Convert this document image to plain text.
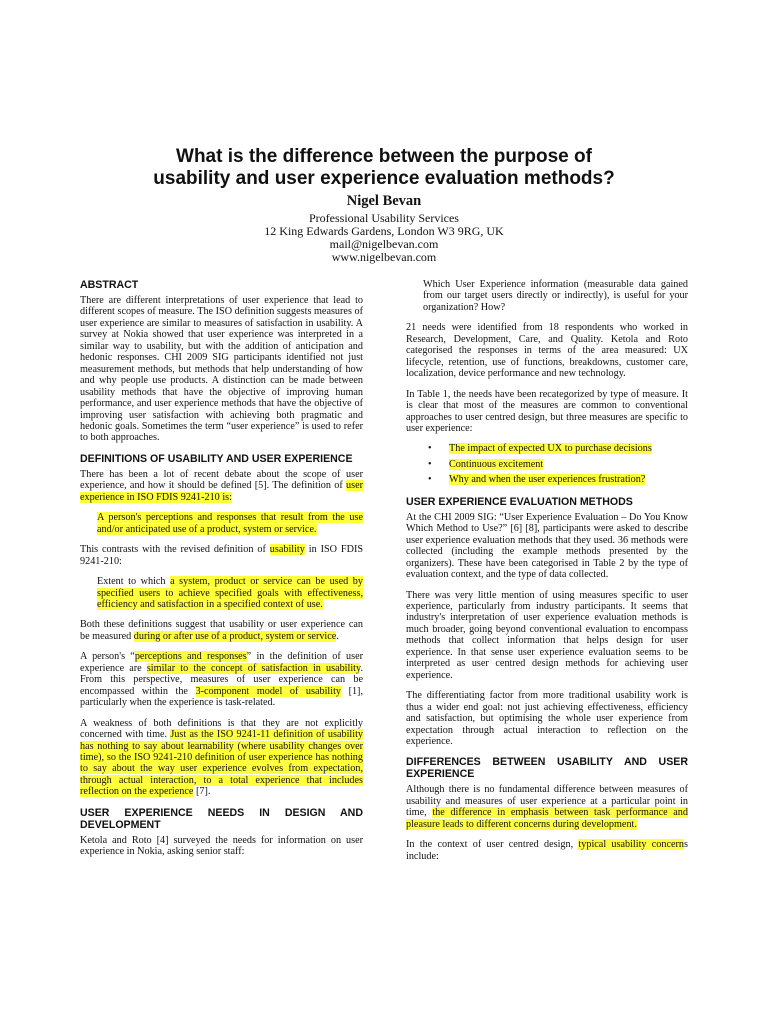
What is the difference between the purpose of
usability and user experience evaluation methods?
Nigel Bevan
Professional Usability Services
12 King Edwards Gardens, London W3 9RG, UK
mail@nigelbevan.com
www.nigelbevan.com
ABSTRACT

There are different interpretations of user experience that lead to different scopes of measure. The ISO definition suggests measures of user experience are similar to measures of satisfaction in usability. A survey at Nokia showed that user experience was interpreted in a similar way to usability, but with the addition of anticipation and hedonic responses. CHI 2009 SIG participants identified not just measurement methods, but methods that help understanding of how and why people use products. A distinction can be made between usability methods that have the objective of improving human performance, and user experience methods that have the objective of improving user satisfaction with achieving both pragmatic and hedonic goals. Sometimes the term “user experience” is used to refer to both approaches.

DEFINITIONS OF USABILITY AND USER EXPERIENCE

There has been a lot of recent debate about the scope of user experience, and how it should be defined [5]. The definition of user experience in ISO FDIS 9241-210 is:

A person's perceptions and responses that result from the use and/or anticipated use of a product, system or service.

This contrasts with the revised definition of usability in ISO FDIS 9241-210:

Extent to which a system, product or service can be used by specified users to achieve specified goals with effectiveness, efficiency and satisfaction in a specified context of use.

Both these definitions suggest that usability or user experience can be measured during or after use of a product, system or service.

A person's “perceptions and responses” in the definition of user experience are similar to the concept of satisfaction in usability. From this perspective, measures of user experience can be encompassed within the 3-component model of usability [1], particularly when the experience is task-related.

A weakness of both definitions is that they are not explicitly concerned with time. Just as the ISO 9241-11 definition of usability has nothing to say about learnability (where usability changes over time), so the ISO 9241-210 definition of user experience has nothing to say about the way user experience evolves from expectation, through actual interaction, to a total experience that includes reflection on the experience [7].

USER EXPERIENCE NEEDS IN DESIGN AND DEVELOPMENT

Ketola and Roto [4] surveyed the needs for information on user experience in Nokia, asking senior staff:

Which User Experience information (measurable data gained from our target users directly or indirectly), is useful for your organization? How?

21 needs were identified from 18 respondents who worked in Research, Development, Care, and Quality. Ketola and Roto categorised the responses in terms of the area measured: UX lifecycle, retention, use of functions, breakdowns, customer care, localization, device performance and new technology.

In Table 1, the needs have been recategorized by type of measure. It is clear that most of the measures are common to conventional approaches to user centred design, but three measures are specific to user experience:

• The impact of expected UX to purchase decisions
• Continuous excitement
• Why and when the user experiences frustration?
USER EXPERIENCE EVALUATION METHODS

At the CHI 2009 SIG: “User Experience Evaluation – Do You Know Which Method to Use?” [6] [8], participants were asked to describe user experience evaluation methods that they used. 36 methods were collected (including the example methods presented by the organizers). These have been categorised in Table 2 by the type of evaluation context, and the type of data collected.

There was very little mention of using measures specific to user experience, particularly from industry participants. It seems that industry's interpretation of user experience evaluation methods is much broader, going beyond conventional evaluation to encompass methods that collect information that helps design for user experience. In that sense user experience evaluation seems to be interpreted as user centred design methods for achieving user experience.

The differentiating factor from more traditional usability work is thus a wider end goal: not just achieving effectiveness, efficiency and satisfaction, but optimising the whole user experience from expectation through actual interaction to reflection on the experience.

DIFFERENCES BETWEEN USABILITY AND USER EXPERIENCE

Although there is no fundamental difference between measures of usability and measures of user experience at a particular point in time, the difference in emphasis between task performance and pleasure leads to different concerns during development.

In the context of user centred design, typical usability concerns include:
